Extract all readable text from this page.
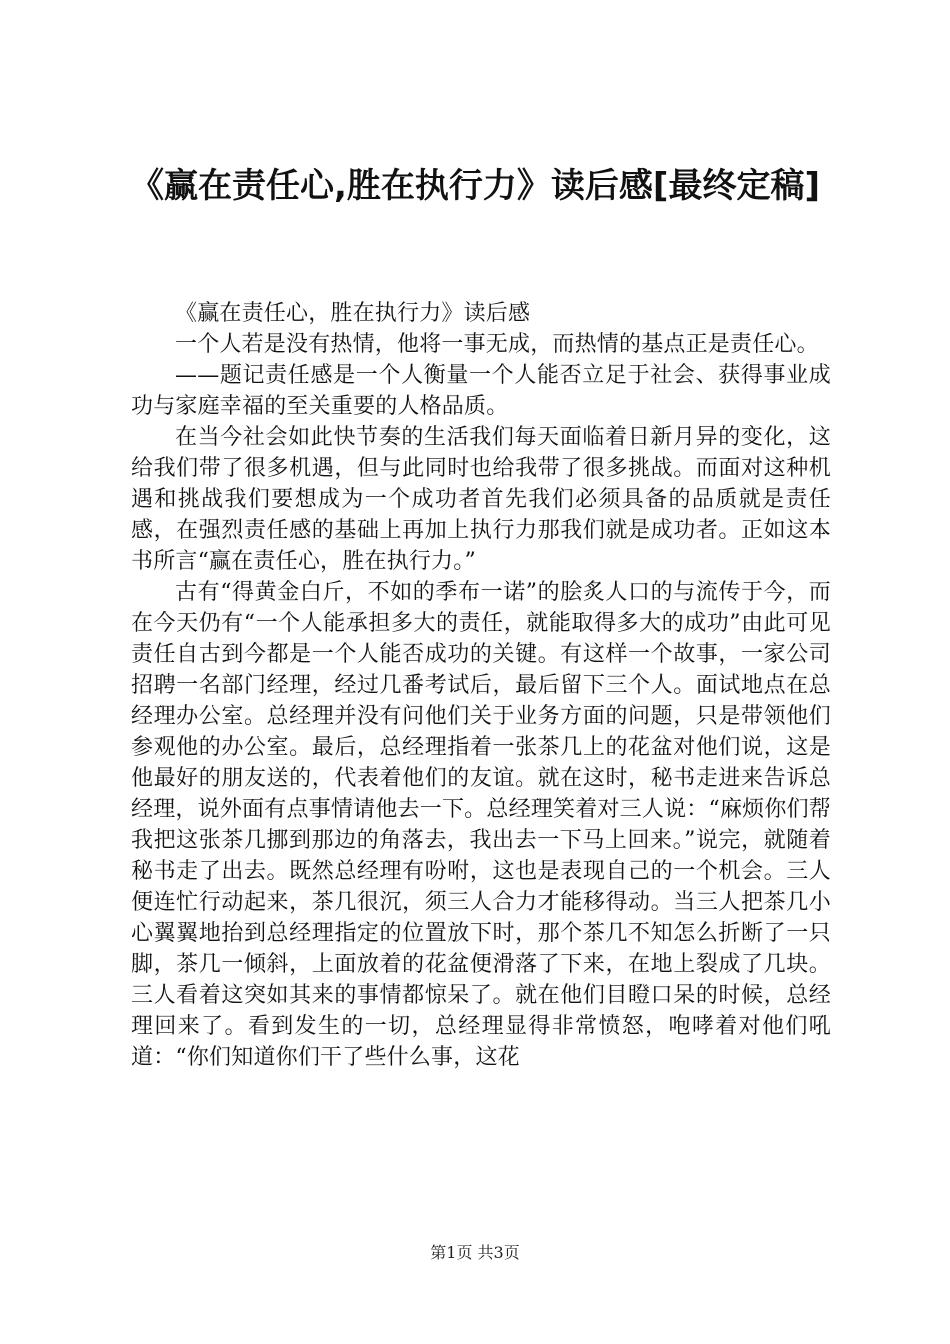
《赢在责任心,胜在执行力》读后感[最终定稿]

《赢在责任心，胜在执行力》读后感

一个人若是没有热情，他将一事无成，而热情的基点正是责任心。

——题记责任感是一个人衡量一个人能否立足于社会、获得事业成功与家庭幸福的至关重要的人格品质。

在当今社会如此快节奏的生活我们每天面临着日新月异的变化，这给我们带了很多机遇，但与此同时也给我带了很多挑战。而面对这种机遇和挑战我们要想成为一个成功者首先我们必须具备的品质就是责任感，在强烈责任感的基础上再加上执行力那我们就是成功者。正如这本书所言“赢在责任心，胜在执行力。”

古有“得黄金白斤，不如的季布一诺”的脍炙人口的与流传于今，而在今天仍有“一个人能承担多大的责任，就能取得多大的成功”由此可见责任自古到今都是一个人能否成功的关键。有这样一个故事，一家公司招聘一名部门经理，经过几番考试后，最后留下三个人。面试地点在总经理办公室。总经理并没有问他们关于业务方面的问题，只是带领他们参观他的办公室。最后，总经理指着一张茶几上的花盆对他们说，这是他最好的朋友送的，代表着他们的友谊。就在这时，秘书走进来告诉总经理，说外面有点事情请他去一下。总经理笑着对三人说：“麻烦你们帮我把这张茶几挪到那边的角落去，我出去一下马上回来。”说完，就随着秘书走了出去。既然总经理有吩咐，这也是表现自己的一个机会。三人便连忙行动起来，茶几很沉，须三人合力才能移得动。当三人把茶几小心翼翼地抬到总经理指定的位置放下时，那个茶几不知怎么折断了一只脚，茶几一倾斜，上面放着的花盆便滑落了下来，在地上裂成了几块。三人看着这突如其来的事情都惊呆了。就在他们目瞪口呆的时候，总经理回来了。看到发生的一切，总经理显得非常愤怒，咆哮着对他们吼道：“你们知道你们干了些什么事，这花

第1页 共3页
